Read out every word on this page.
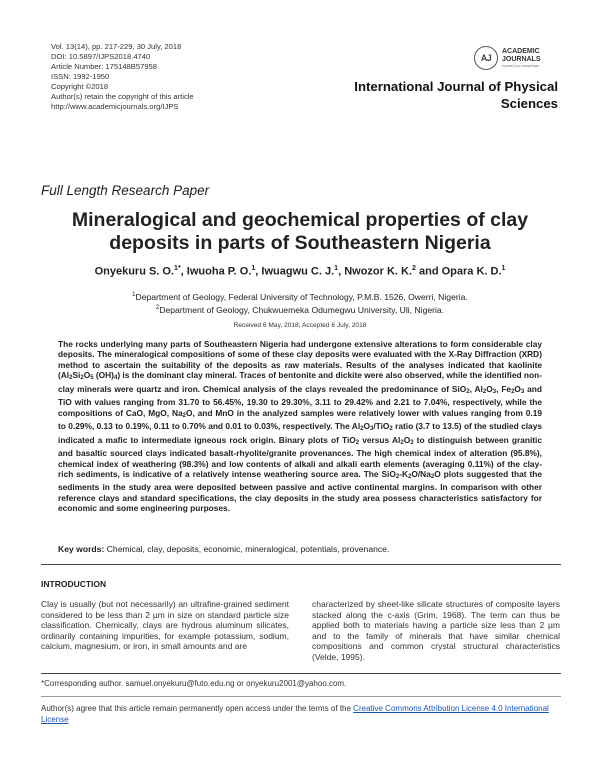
Vol. 13(14), pp. 217-229, 30 July, 2018
DOI: 10.5897/IJPS2018.4740
Article Number: 175148B57958
ISSN: 1992-1950
Copyright ©2018
Author(s) retain the copyright of this article
http://www.academicjournals.org/IJPS
AJ
ACADEMIC
JOURNALS
expand your knowledge
International Journal of Physical
Sciences
Full Length Research Paper
Mineralogical and geochemical properties of clay
deposits in parts of Southeastern Nigeria
Onyekuru S. O.$^{1*}$, Iwuoha P. O.$^1$, Iwuagwu C. J.$^1$, Nwozor K. K.$^2$ and Opara K. D.$^1$
$^1$Department of Geology, Federal University of Technology, P.M.B. 1526, Owerri, Nigeria.
$^2$Department of Geology, Chukwuemeka Odumegwu University, Uli, Nigeria.
Received 6 May, 2018; Accepted 6 July, 2018
The rocks underlying many parts of Southeastern Nigeria had undergone extensive alterations to form considerable clay deposits. The mineralogical compositions of some of these clay deposits were evaluated with the X-Ray Diffraction (XRD) method to ascertain the suitability of the deposits as raw materials. Results of the analyses indicated that kaolinite (Al2Si2O5 (OH)4) is the dominant clay mineral. Traces of bentonite and dickite were also observed, while the identified non-clay minerals were quartz and iron. Chemical analysis of the clays revealed the predominance of SiO2, Al2O3, Fe2O3 and TiO with values ranging from 31.70 to 56.45%, 19.30 to 29.30%, 3.11 to 29.42% and 2.21 to 7.04%, respectively, while the compositions of CaO, MgO, Na2O, and MnO in the analyzed samples were relatively lower with values ranging from 0.19 to 0.29%, 0.13 to 0.19%, 0.11 to 0.70% and 0.01 to 0.03%, respectively. The Al2O3/TiO2 ratio (3.7 to 13.5) of the studied clays indicated a mafic to intermediate igneous rock origin. Binary plots of TiO2 versus Al2O3 to distinguish between granitic and basaltic sourced clays indicated basalt-rhyolite/granite provenances. The high chemical index of alteration (95.8%), chemical index of weathering (98.3%) and low contents of alkali and alkali earth elements (averaging 0.11%) of the clay-rich sediments, is indicative of a relatively intense weathering source area. The SiO2-K2O/Na2O plots suggested that the sediments in the study area were deposited between passive and active continental margins. In comparison with other reference clays and standard specifications, the clay deposits in the study area possess characteristics satisfactory for economic and some engineering purposes.
Key words: Chemical, clay, deposits, economic, mineralogical, potentials, provenance.
INTRODUCTION
Clay is usually (but not necessarily) an ultrafine-grained sediment considered to be less than 2 µm in size on standard particle size classification. Chemically, clays are hydrous aluminum silicates, ordinarily containing impurities, for example potassium, sodium, calcium, magnesium, or iron, in small amounts and are
characterized by sheet-like silicate structures of composite layers stacked along the c-axis (Grim, 1968). The term can thus be applied both to materials having a particle size less than 2 µm and to the family of minerals that have similar chemical compositions and common crystal structural characteristics (Velde, 1995).
*Corresponding author. samuel.onyekuru@futo.edu.ng or onyekuru2001@yahoo.com.
Author(s) agree that this article remain permanently open access under the terms of the Creative Commons Attribution License 4.0 International License
